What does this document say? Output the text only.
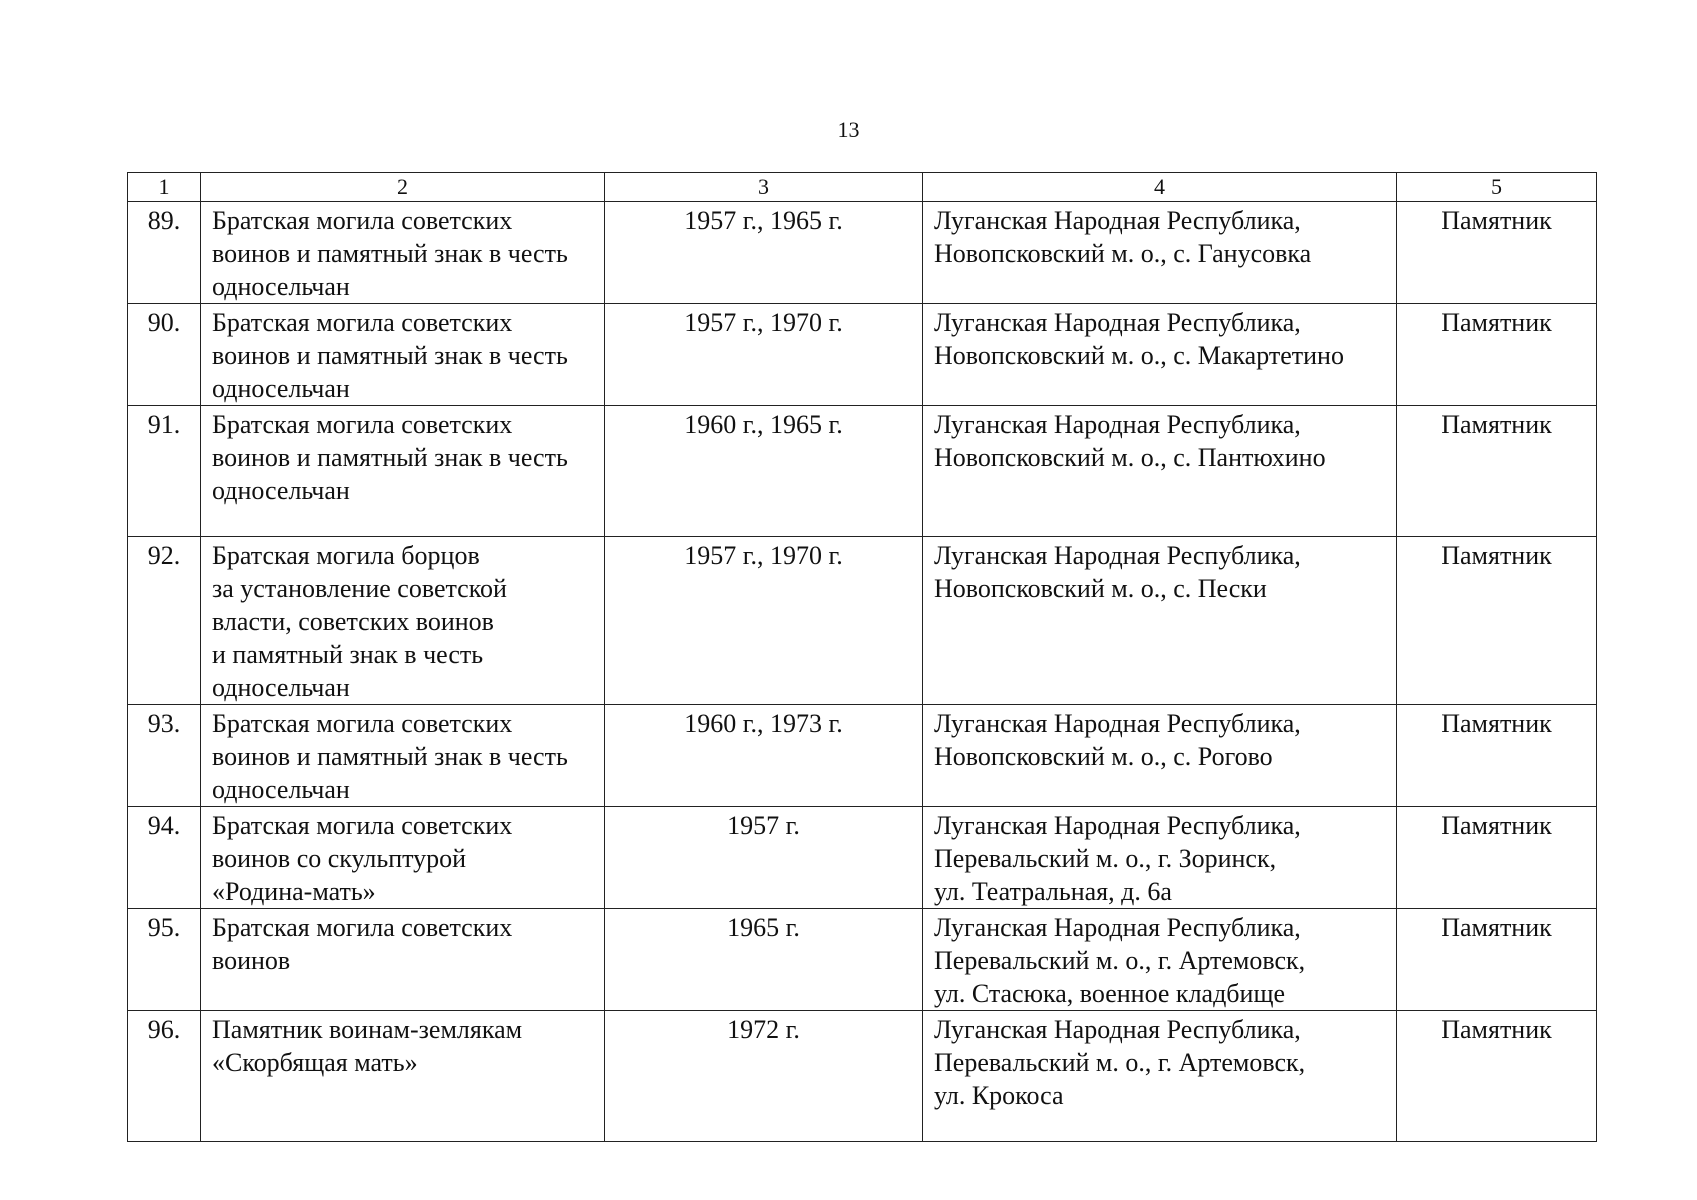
13
1	2	3	4	5
89.	Братская могила советских
воинов и памятный знак в честь
односельчан	1957 г., 1965 г.	Луганская Народная Республика,
Новопсковский м. о., с. Ганусовка	Памятник
90.	Братская могила советских
воинов и памятный знак в честь
односельчан	1957 г., 1970 г.	Луганская Народная Республика,
Новопсковский м. о., с. Макартетино	Памятник
91.	Братская могила советских
воинов и памятный знак в честь
односельчан	1960 г., 1965 г.	Луганская Народная Республика,
Новопсковский м. о., с. Пантюхино	Памятник
92.	Братская могила борцов
за установление советской
власти, советских воинов
и памятный знак в честь
односельчан	1957 г., 1970 г.	Луганская Народная Республика,
Новопсковский м. о., с. Пески	Памятник
93.	Братская могила советских
воинов и памятный знак в честь
односельчан	1960 г., 1973 г.	Луганская Народная Республика,
Новопсковский м. о., с. Рогово	Памятник
94.	Братская могила советских
воинов со скульптурой
«Родина-мать»	1957 г.	Луганская Народная Республика,
Перевальский м. о., г. Зоринск,
ул. Театральная, д. 6а	Памятник
95.	Братская могила советских
воинов	1965 г.	Луганская Народная Республика,
Перевальский м. о., г. Артемовск,
ул. Стасюка, военное кладбище	Памятник
96.	Памятник воинам-землякам
«Скорбящая мать»	1972 г.	Луганская Народная Республика,
Перевальский м. о., г. Артемовск,
ул. Крокоса	Памятник
